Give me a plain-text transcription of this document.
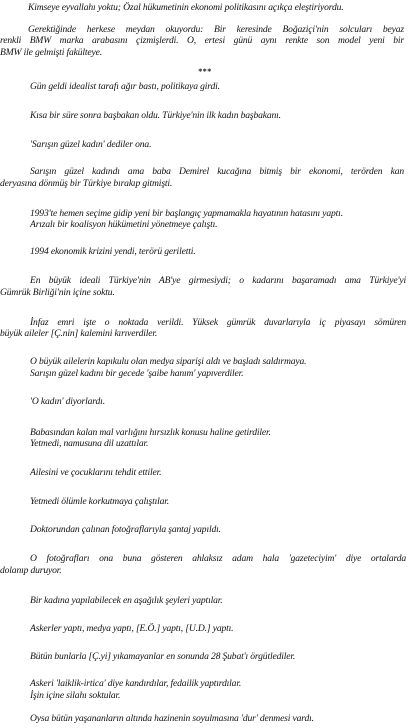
Kimseye eyvallahı yoktu; Özal hükumetinin ekonomi politikasını açıkça eleştiriyordu.

Gerektiğinde herkese meydan okuyordu: Bir keresinde Boğaziçi'nin solcuları beyaz

renkli BMW marka arabasını çizmişlerdi. O, ertesi günü aynı renkte son model yeni bir

BMW ile gelmişti fakülteye.

***

Gün geldi idealist tarafı ağır bastı, politikaya girdi.

Kısa bir süre sonra başbakan oldu. Türkiye'nin ilk kadın başbakanı.

'Sarışın güzel kadın' dediler ona.

Sarışın güzel kadındı ama baba Demirel kucağına bitmiş bir ekonomi, terörden kan

deryasına dönmüş bir Türkiye bırakıp gitmişti.

1993'te hemen seçime gidip yeni bir başlangıç yapmamakla hayatının hatasını yaptı.

Arızalı bir koalisyon hükümetini yönetmeye çalıştı.

1994 ekonomik krizini yendi, terörü geriletti.

En büyük ideali Türkiye'nin AB'ye girmesiydi; o kadarını başaramadı ama Türkiye'yi

Gümrük Birliği'nin içine soktu.

İnfaz emri işte o noktada verildi. Yüksek gümrük duvarlarıyla iç piyasayı sömüren

büyük aileler [Ç.nin] kalemini kırıverdiler.

O büyük ailelerin kapıkulu olan medya siparişi aldı ve başladı saldırmaya.

Sarışın güzel kadını bir gecede 'şaibe hanım' yapıverdiler.

'O kadın' diyorlardı.

Babasından kalan mal varlığını hırsızlık konusu haline getirdiler.

Yetmedi, namusuna dil uzattılar.

Ailesini ve çocuklarını tehdit ettiler.

Yetmedi ölümle korkutmaya çalıştılar.

Doktorundan çalınan fotoğraflarıyla şantaj yapıldı.

O fotoğrafları ona buna gösteren ahlaksız adam hala 'gazeteciyim' diye ortalarda

dolanıp duruyor.

Bir kadına yapılabilecek en aşağılık şeyleri yaptılar.

Askerler yaptı, medya yaptı, [E.Ö.] yaptı, [U.D.] yaptı.

Bütün bunlarla [Ç.yi] yıkamayanlar en sonunda 28 Şubat'ı örgütlediler.

Askeri 'laiklik-irtica' diye kandırdılar, fedailik yaptırdılar.

İşin içine silahı soktular.

Oysa bütün yaşananların altında hazinenin soyulmasına 'dur' denmesi vardı.
